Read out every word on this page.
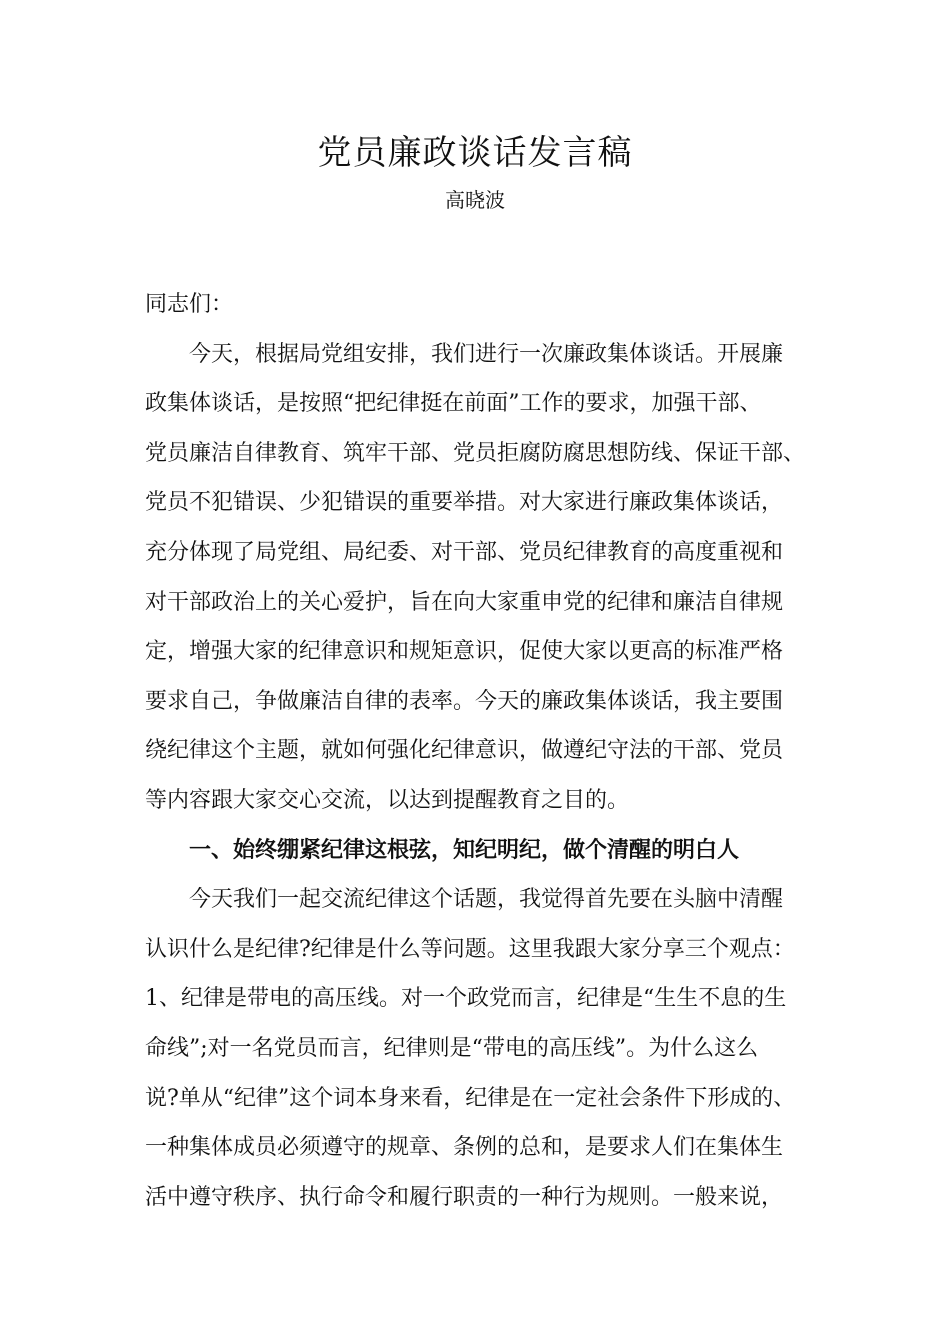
党员廉政谈话发言稿
高晓波
同志们：
今天，根据局党组安排，我们进行一次廉政集体谈话。开展廉
政集体谈话，是按照“把纪律挺在前面”工作的要求，加强干部、
党员廉洁自律教育、筑牢干部、党员拒腐防腐思想防线、保证干部、
党员不犯错误、少犯错误的重要举措。对大家进行廉政集体谈话，
充分体现了局党组、局纪委、对干部、党员纪律教育的高度重视和
对干部政治上的关心爱护，旨在向大家重申党的纪律和廉洁自律规
定，增强大家的纪律意识和规矩意识，促使大家以更高的标准严格
要求自己，争做廉洁自律的表率。今天的廉政集体谈话，我主要围
绕纪律这个主题，就如何强化纪律意识，做遵纪守法的干部、党员
等内容跟大家交心交流，以达到提醒教育之目的。
一、始终绷紧纪律这根弦，知纪明纪，做个清醒的明白人
今天我们一起交流纪律这个话题，我觉得首先要在头脑中清醒
认识什么是纪律?纪律是什么等问题。这里我跟大家分享三个观点：
1、纪律是带电的高压线。对一个政党而言，纪律是“生生不息的生
命线”;对一名党员而言，纪律则是“带电的高压线”。为什么这么
说?单从“纪律”这个词本身来看，纪律是在一定社会条件下形成的、
一种集体成员必须遵守的规章、条例的总和，是要求人们在集体生
活中遵守秩序、执行命令和履行职责的一种行为规则。一般来说，
